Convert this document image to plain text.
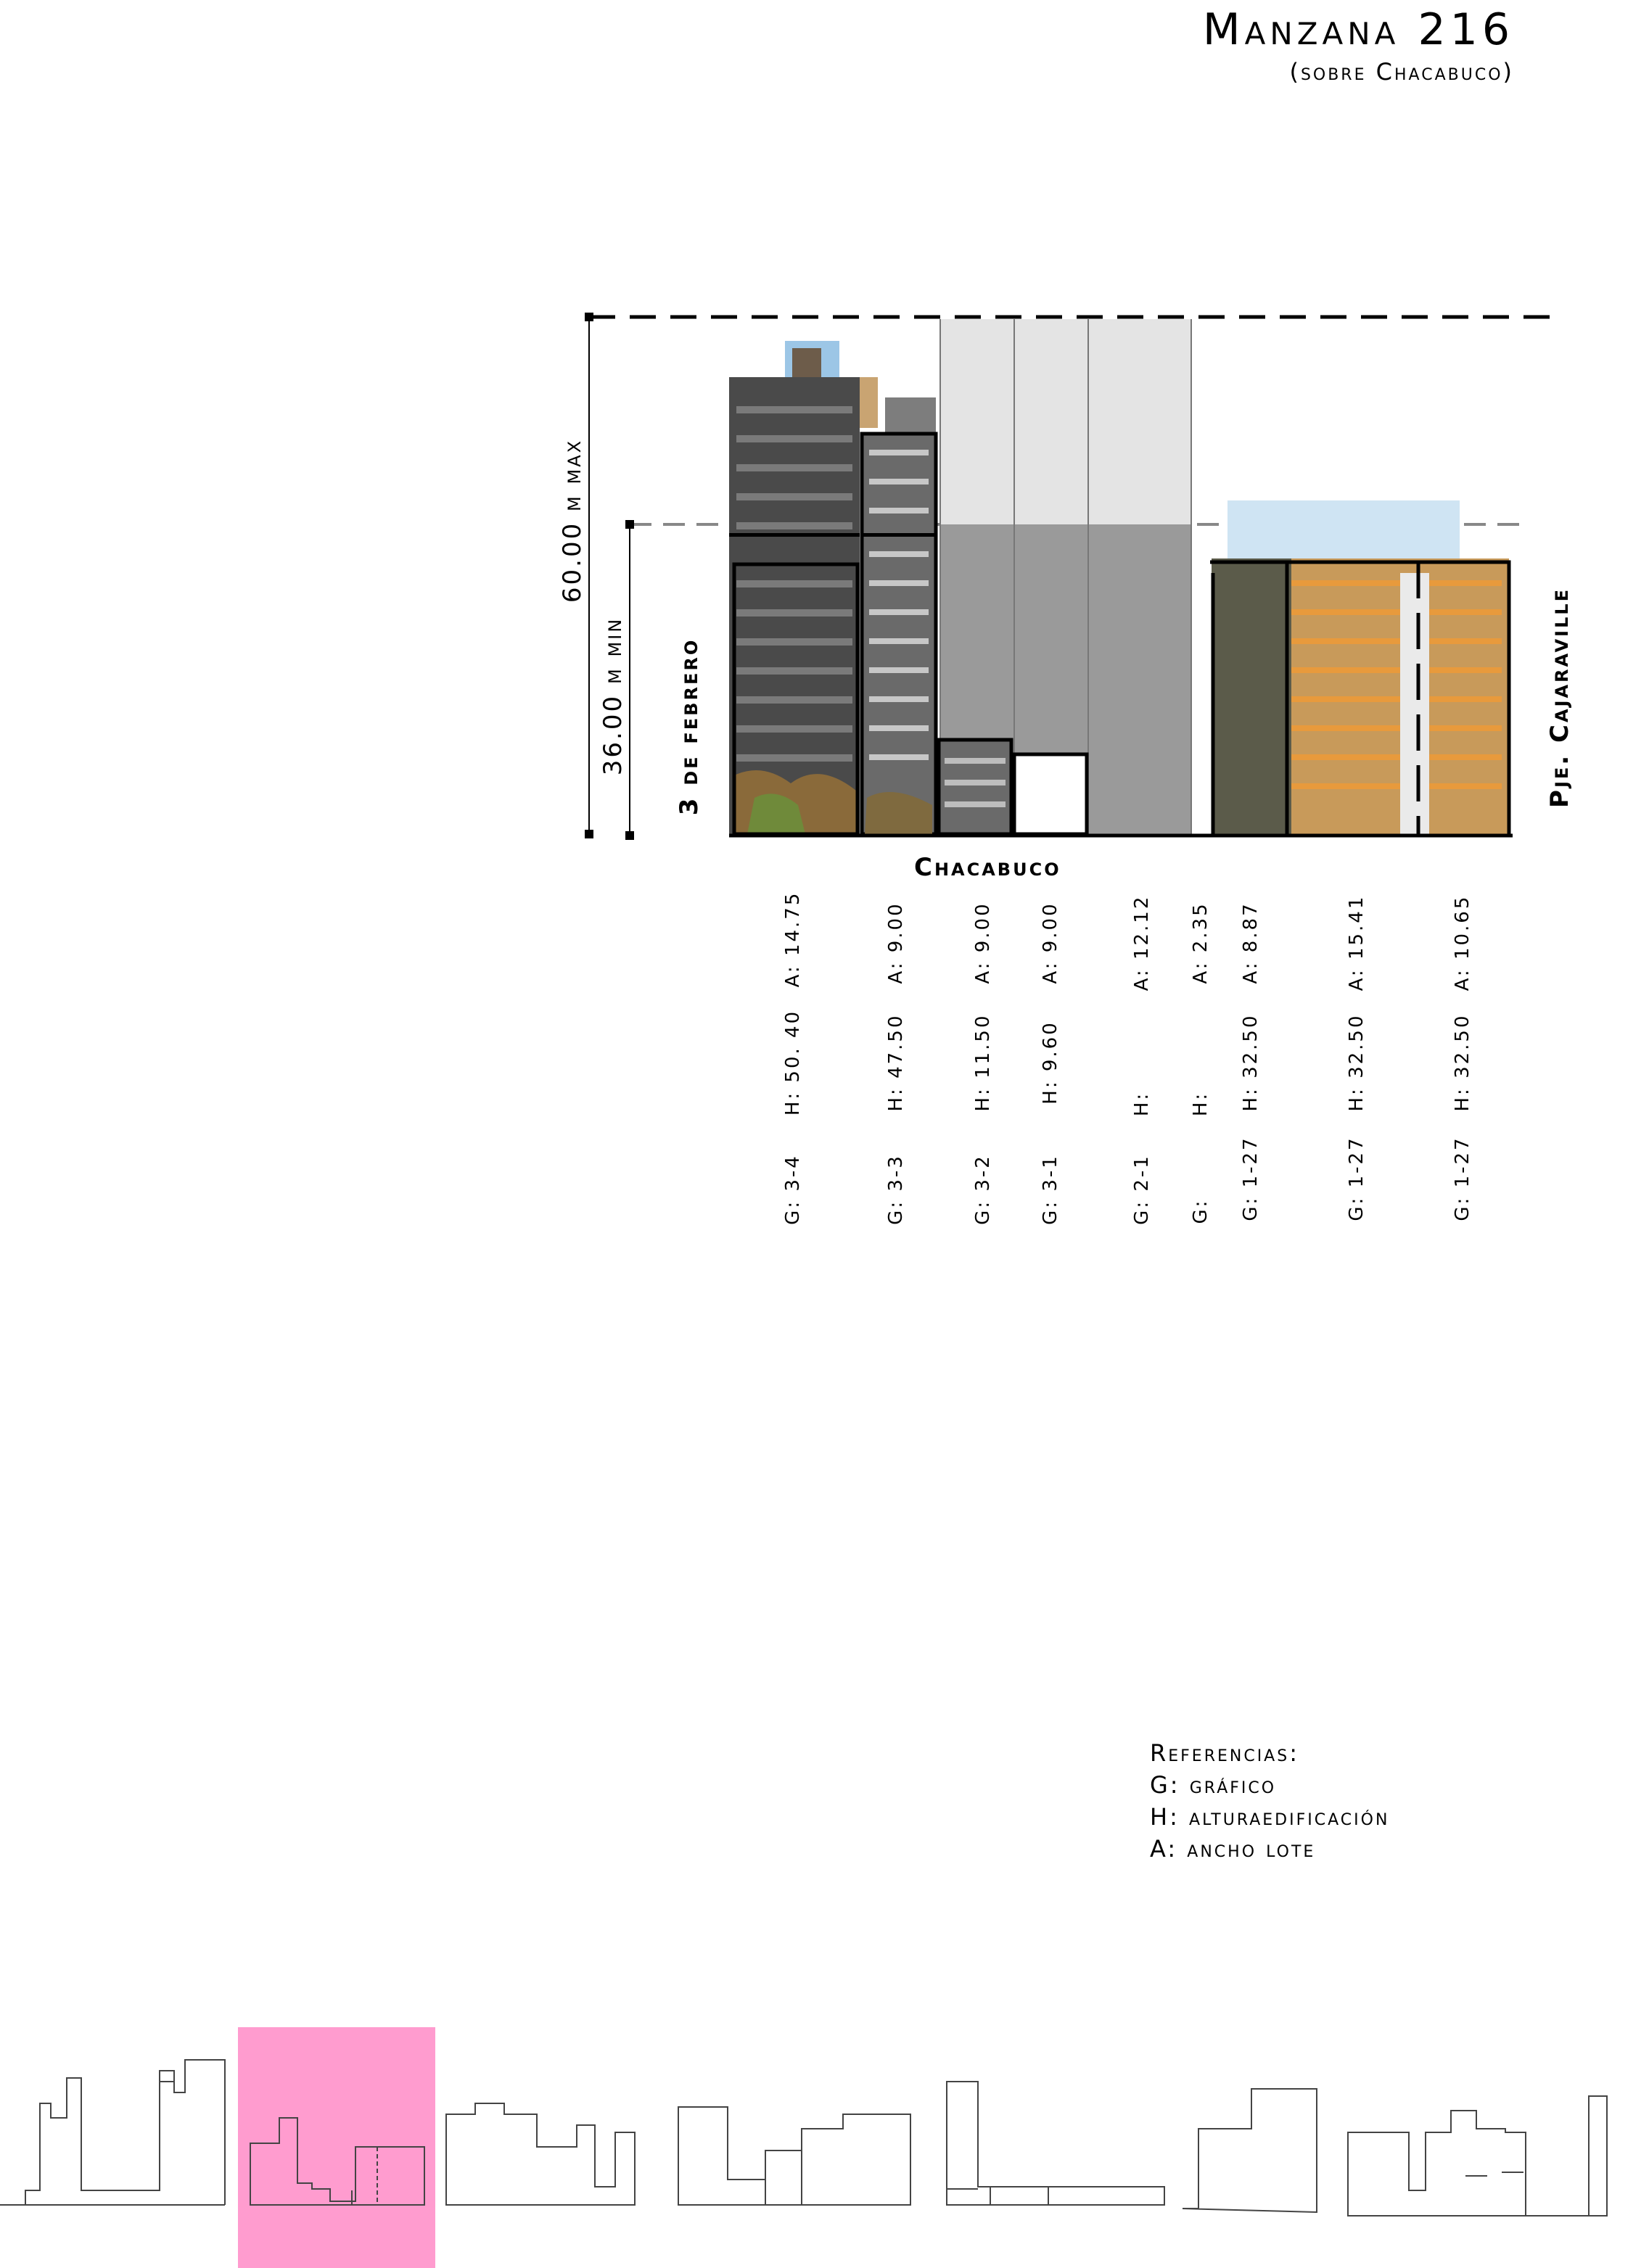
Manzana 216
(sobre Chacabuco)
60.00 m max
36.00 m min 3 de febrero
Chacabuco
Pje. Cajaraville
G: 3-4
H: 50. 40
A: 14.75
G: 3-3
H: 47.50
A: 9.00
G: 3-2
H: 11.50
A: 9.00
G: 3-1
H: 9.60
A: 9.00
G: 2-1
H:
A: 12.12
G:
H:
A: 2.35
G: 1-27
H: 32.50
A: 8.87
G: 1-27
H: 32.50
A: 15.41
G: 1-27
H: 32.50
A: 10.65
Referencias:
G: gráfico
H: alturaedificación
A: ancho lote
